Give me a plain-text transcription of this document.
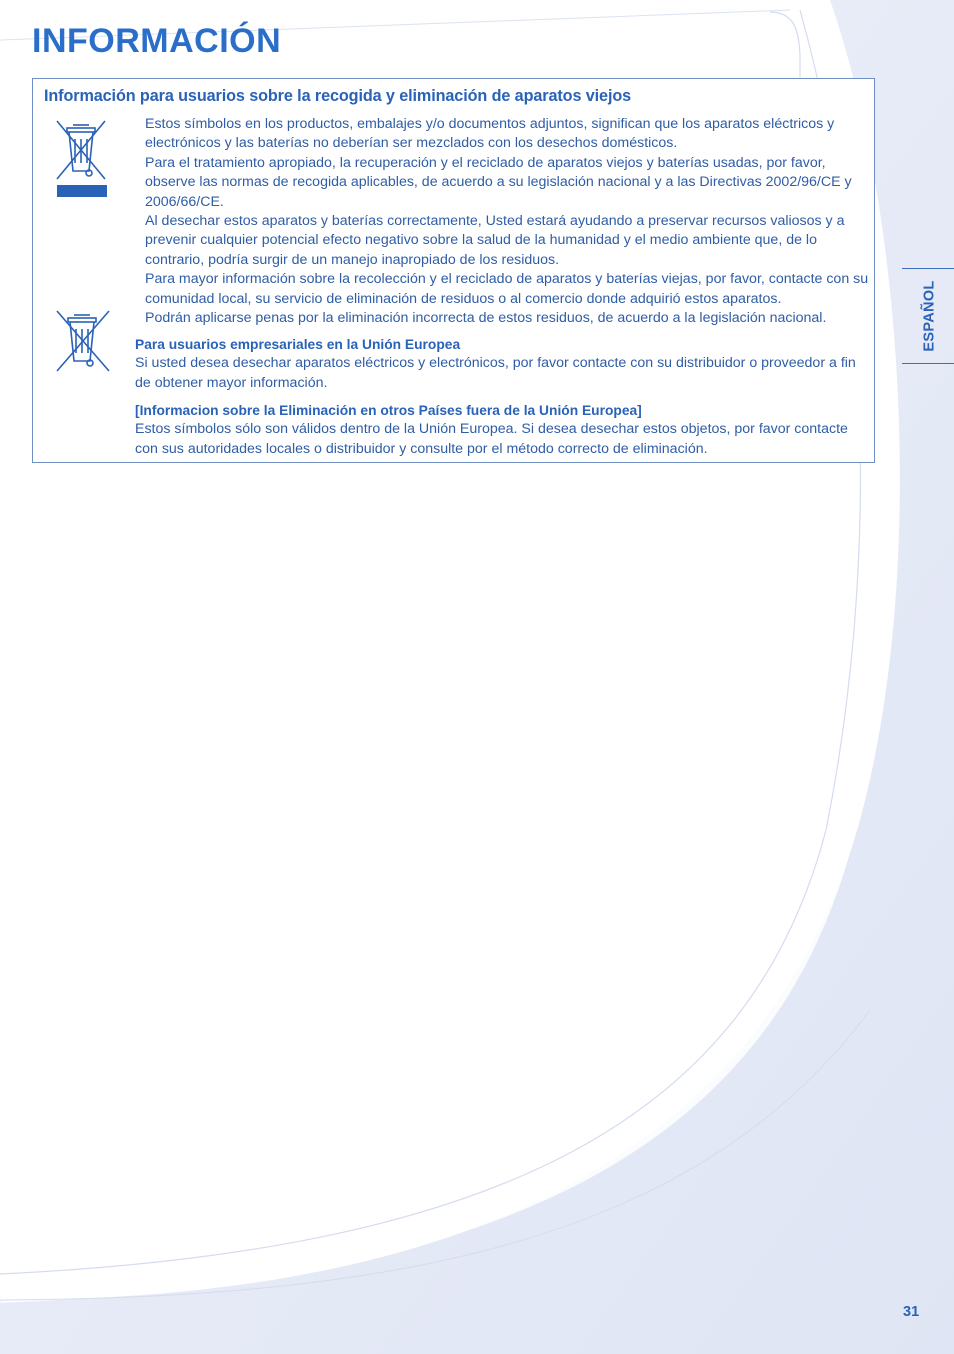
INFORMACIÓN
Información para usuarios sobre la recogida y eliminación de aparatos viejos

Estos símbolos en los productos, embalajes y/o documentos adjuntos, significan que los aparatos eléctricos y electrónicos y las baterías no deberían ser mezclados con los desechos domésticos.

Para el tratamiento apropiado, la recuperación y el reciclado de aparatos viejos y baterías usadas, por favor, observe las normas de recogida aplicables, de acuerdo a su legislación nacional y a las Directivas 2002/96/CE y 2006/66/CE.

Al desechar estos aparatos y baterías correctamente, Usted estará ayudando a preservar recursos valiosos y a prevenir cualquier potencial efecto negativo sobre la salud de la humanidad y el medio ambiente que, de lo contrario, podría surgir de un manejo inapropiado de los residuos.

Para mayor información sobre la recolección y el reciclado de aparatos y baterías viejas, por favor, contacte con su comunidad local, su servicio de eliminación de residuos o al comercio donde adquirió estos aparatos.

Podrán aplicarse penas por la eliminación incorrecta de estos residuos, de acuerdo a la legislación nacional.

Para usuarios empresariales en la Unión Europea

Si usted desea desechar aparatos eléctricos y electrónicos, por favor contacte con su distribuidor o proveedor a fin de obtener mayor información.

[Informacion sobre la Eliminación en otros Países fuera de la Unión Europea]

Estos símbolos sólo son válidos dentro de la Unión Europea. Si desea desechar estos objetos, por favor contacte con sus autoridades locales o distribuidor y consulte por el método correcto de eliminación.

ESPAÑOL
31
